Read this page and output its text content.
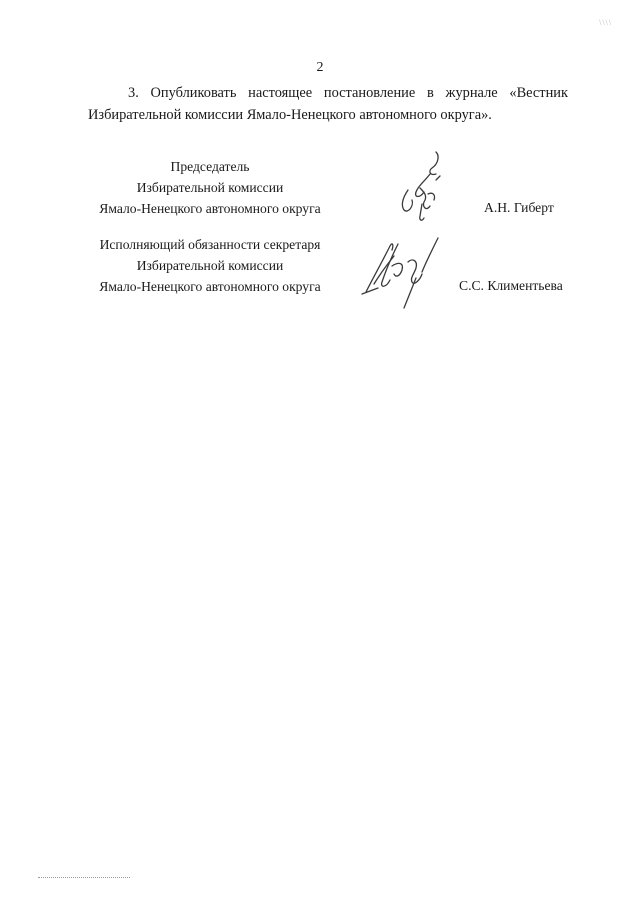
\\\\
2
3. Опубликовать настоящее постановление в журнале «Вестник
Избирательной комиссии Ямало-Ненецкого автономного округа».
Председатель
Избирательной комиссии
Ямало-Ненецкого автономного округа	А.Н. Гиберт
Исполняющий обязанности секретаря
Избирательной комиссии
Ямало-Ненецкого автономного округа	С.С. Климентьева
